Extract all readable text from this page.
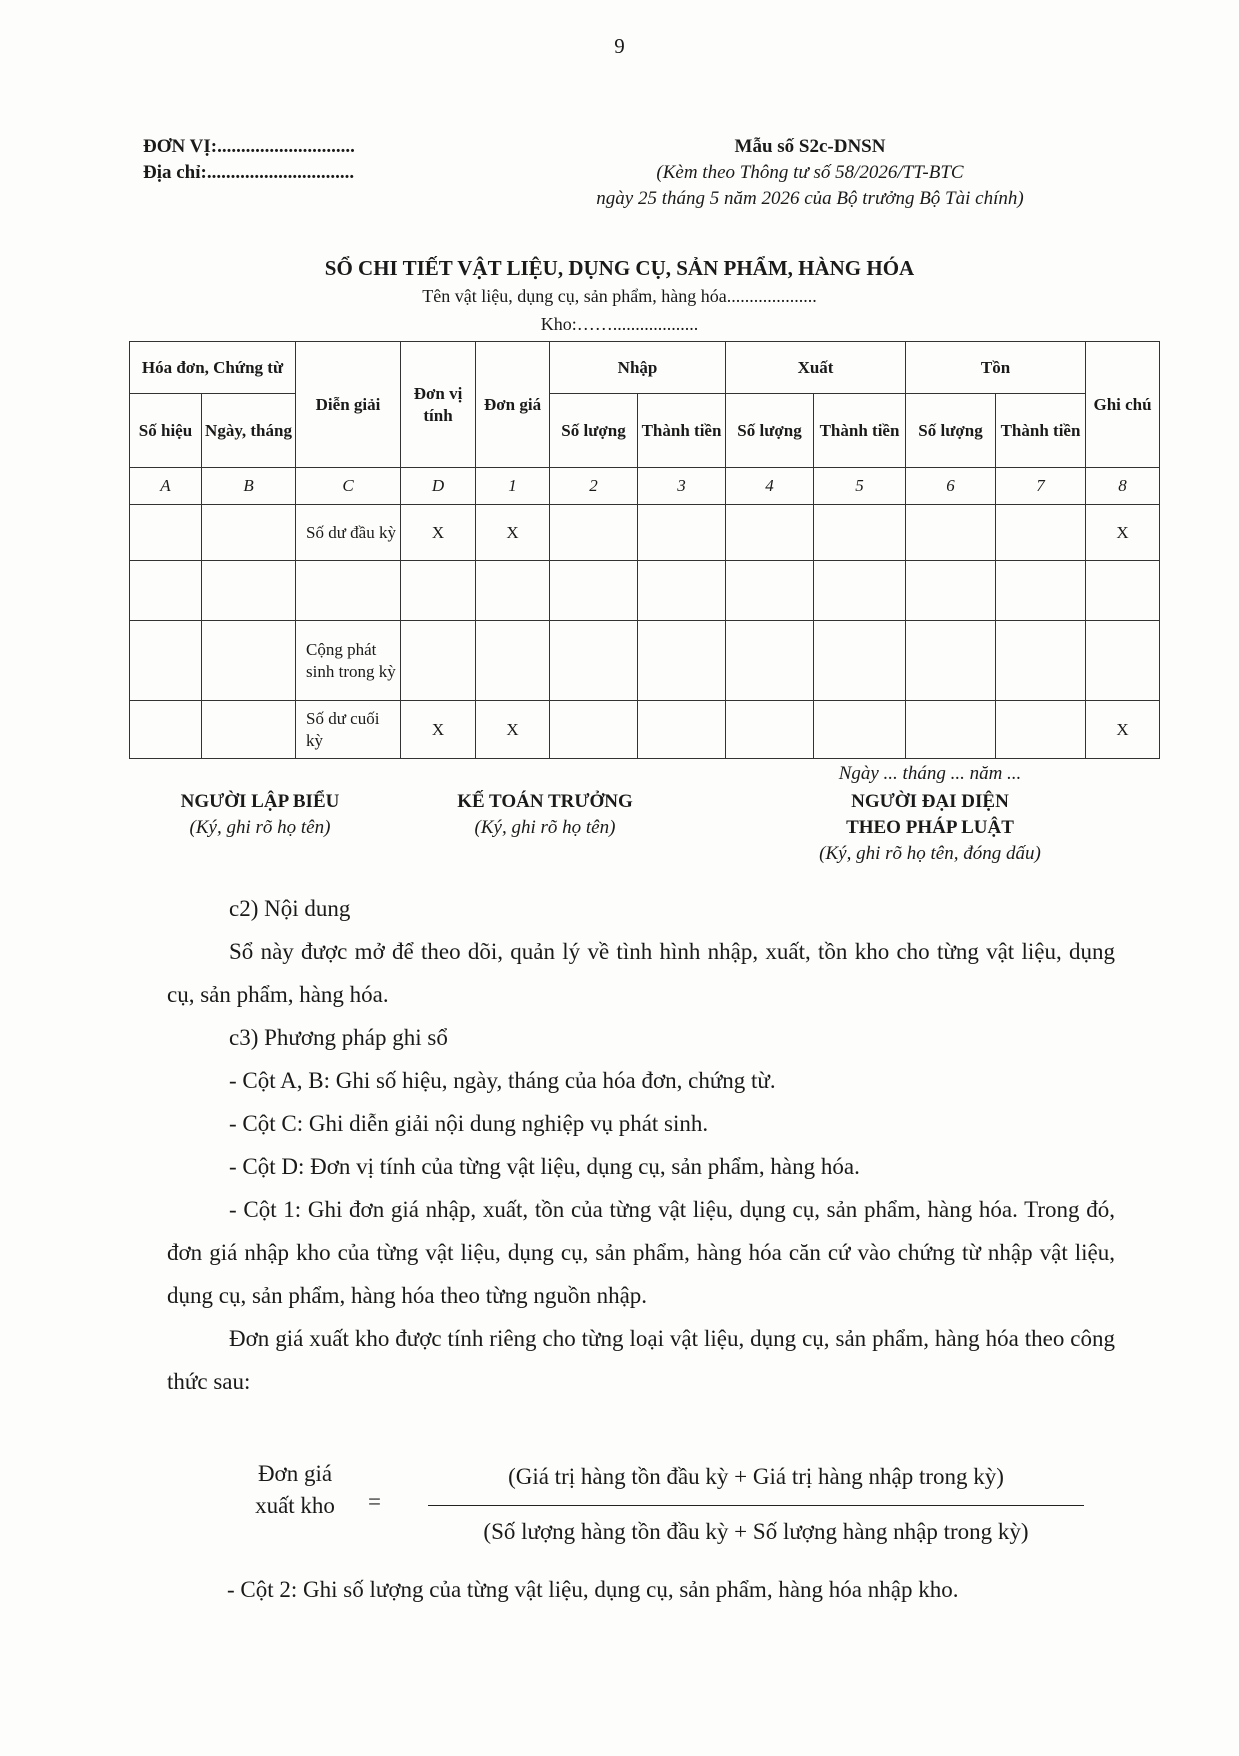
9
ĐƠN VỊ:.............................
Địa chỉ:...............................
Mẫu số S2c-DNSN
(Kèm theo Thông tư số 58/2026/TT-BTC
ngày 25 tháng 5 năm 2026 của Bộ trưởng Bộ Tài chính)
SỔ CHI TIẾT VẬT LIỆU, DỤNG CỤ, SẢN PHẨM, HÀNG HÓA
Tên vật liệu, dụng cụ, sản phẩm, hàng hóa....................
Kho:……...................
Hóa đơn, Chứng từ		Diễn giải	Đơn vị tính	Đơn giá	Nhập		Xuất		Tồn		Ghi chú
Số hiệu	Ngày, tháng				Số lượng	Thành tiền	Số lượng	Thành tiền	Số lượng	Thành tiền	
A	B	C	D	1	2	3	4	5	6	7	8
		Số dư đầu kỳ	X	X							X

		Cộng phát sinh trong kỳ									
		Số dư cuối kỳ	X	X							X
Ngày ... tháng ... năm ...
NGƯỜI LẬP BIỂU
(Ký, ghi rõ họ tên)
KẾ TOÁN TRƯỞNG
(Ký, ghi rõ họ tên)
NGƯỜI ĐẠI DIỆN
THEO PHÁP LUẬT
(Ký, ghi rõ họ tên, đóng dấu)

c2) Nội dung

Sổ này được mở để theo dõi, quản lý về tình hình nhập, xuất, tồn kho cho từng vật liệu, dụng cụ, sản phẩm, hàng hóa.

c3) Phương pháp ghi sổ

- Cột A, B: Ghi số hiệu, ngày, tháng của hóa đơn, chứng từ.

- Cột C: Ghi diễn giải nội dung nghiệp vụ phát sinh.

- Cột D: Đơn vị tính của từng vật liệu, dụng cụ, sản phẩm, hàng hóa.

- Cột 1: Ghi đơn giá nhập, xuất, tồn của từng vật liệu, dụng cụ, sản phẩm, hàng hóa. Trong đó, đơn giá nhập kho của từng vật liệu, dụng cụ, sản phẩm, hàng hóa căn cứ vào chứng từ nhập vật liệu, dụng cụ, sản phẩm, hàng hóa theo từng nguồn nhập.

Đơn giá xuất kho được tính riêng cho từng loại vật liệu, dụng cụ, sản phẩm, hàng hóa theo công thức sau:

Đơn giá
xuất kho	=
(Giá trị hàng tồn đầu kỳ + Giá trị hàng nhập trong kỳ)
(Số lượng hàng tồn đầu kỳ + Số lượng hàng nhập trong kỳ)

- Cột 2: Ghi số lượng của từng vật liệu, dụng cụ, sản phẩm, hàng hóa nhập kho.
